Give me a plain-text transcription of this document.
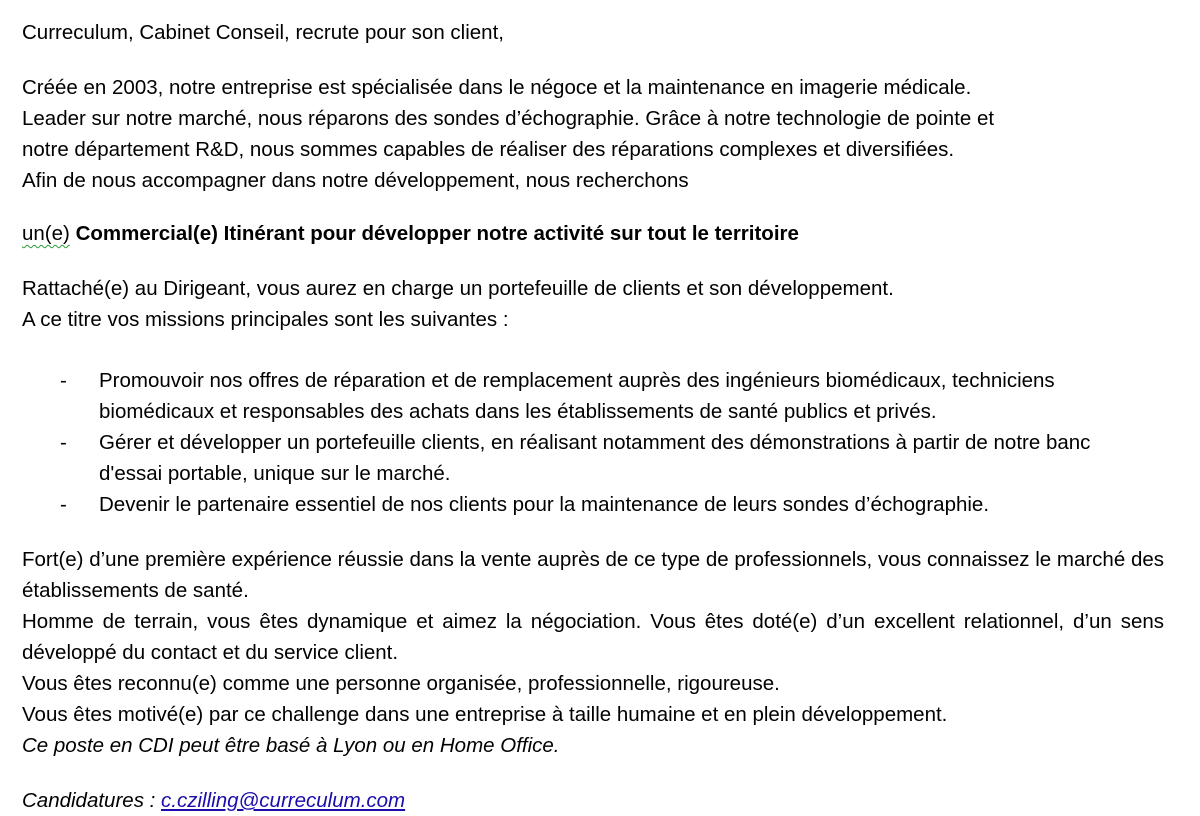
Curreculum, Cabinet Conseil, recrute pour son client,

Créée en 2003, notre entreprise est spécialisée dans le négoce et la maintenance en imagerie médicale.

Leader sur notre marché, nous réparons des sondes d’échographie. Grâce à notre technologie de pointe et

notre département R&D, nous sommes capables de réaliser des réparations complexes et diversifiées.

Afin de nous accompagner dans notre développement, nous recherchons

un(e) Commercial(e) Itinérant pour développer notre activité sur tout le territoire

Rattaché(e) au Dirigeant, vous aurez en charge un portefeuille de clients et son développement.

A ce titre vos missions principales sont les suivantes :

- Promouvoir nos offres de réparation et de remplacement auprès des ingénieurs biomédicaux, techniciens biomédicaux et responsables des achats dans les établissements de santé publics et privés.
- Gérer et développer un portefeuille clients, en réalisant notamment des démonstrations à partir de notre banc d'essai portable, unique sur le marché.
- Devenir le partenaire essentiel de nos clients pour la maintenance de leurs sondes d’échographie.

Fort(e) d’une première expérience réussie dans la vente auprès de ce type de professionnels, vous connaissez le marché des établissements de santé.

Homme de terrain, vous êtes dynamique et aimez la négociation. Vous êtes doté(e) d’un excellent relationnel, d’un sens développé du contact et du service client.

Vous êtes reconnu(e) comme une personne organisée, professionnelle, rigoureuse.

Vous êtes motivé(e) par ce challenge dans une entreprise à taille humaine et en plein développement.

Ce poste en CDI peut être basé à Lyon ou en Home Office.

Candidatures : c.czilling@curreculum.com
